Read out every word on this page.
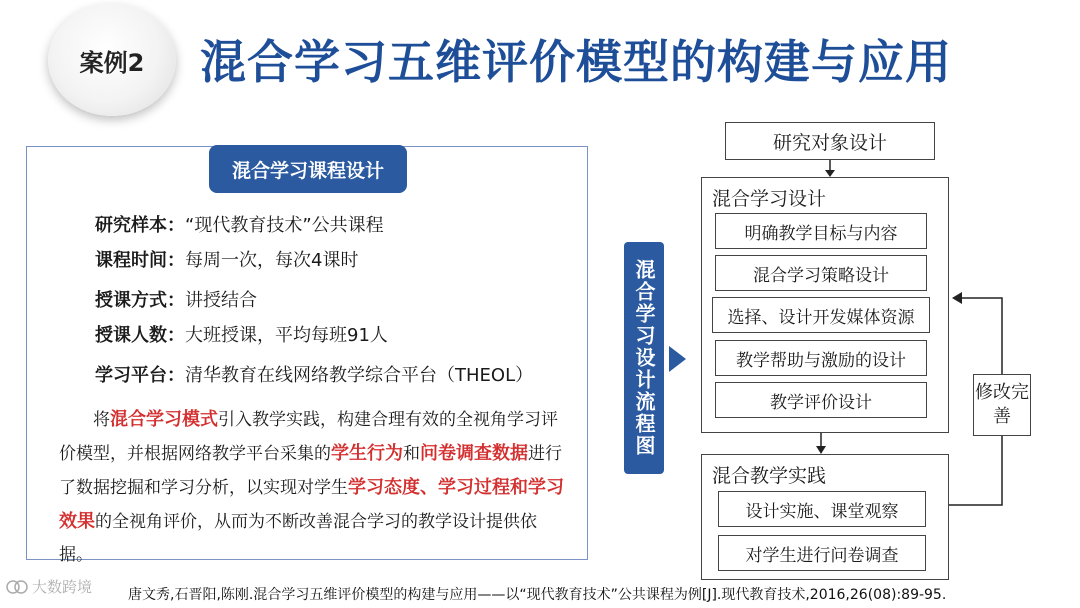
案例2	混合学习五维评价模型的构建与应用
混合学习课程设计
研究样本：“现代教育技术”公共课程
课程时间：每周一次，每次4课时
授课方式：讲授结合
授课人数：大班授课，平均每班91人
学习平台：清华教育在线网络教学综合平台（THEOL）
将混合学习模式引入教学实践，构建合理有效的全视角学习评价模型，并根据网络教学平台采集的学生行为和问卷调查数据进行了数据挖掘和学习分析，以实现对学生学习态度、学习过程和学习效果的全视角评价，从而为不断改善混合学习的教学设计提供依据。
混合学习设计流程图
研究对象设计
混合学习设计
明确教学目标与内容
混合学习策略设计
选择、设计开发媒体资源
教学帮助与激励的设计
教学评价设计
混合教学实践
设计实施、课堂观察
对学生进行问卷调查
修改完善
大数跨境	唐文秀,石晋阳,陈刚.混合学习五维评价模型的构建与应用——以“现代教育技术”公共课程为例[J].现代教育技术,2016,26(08):89-95.
